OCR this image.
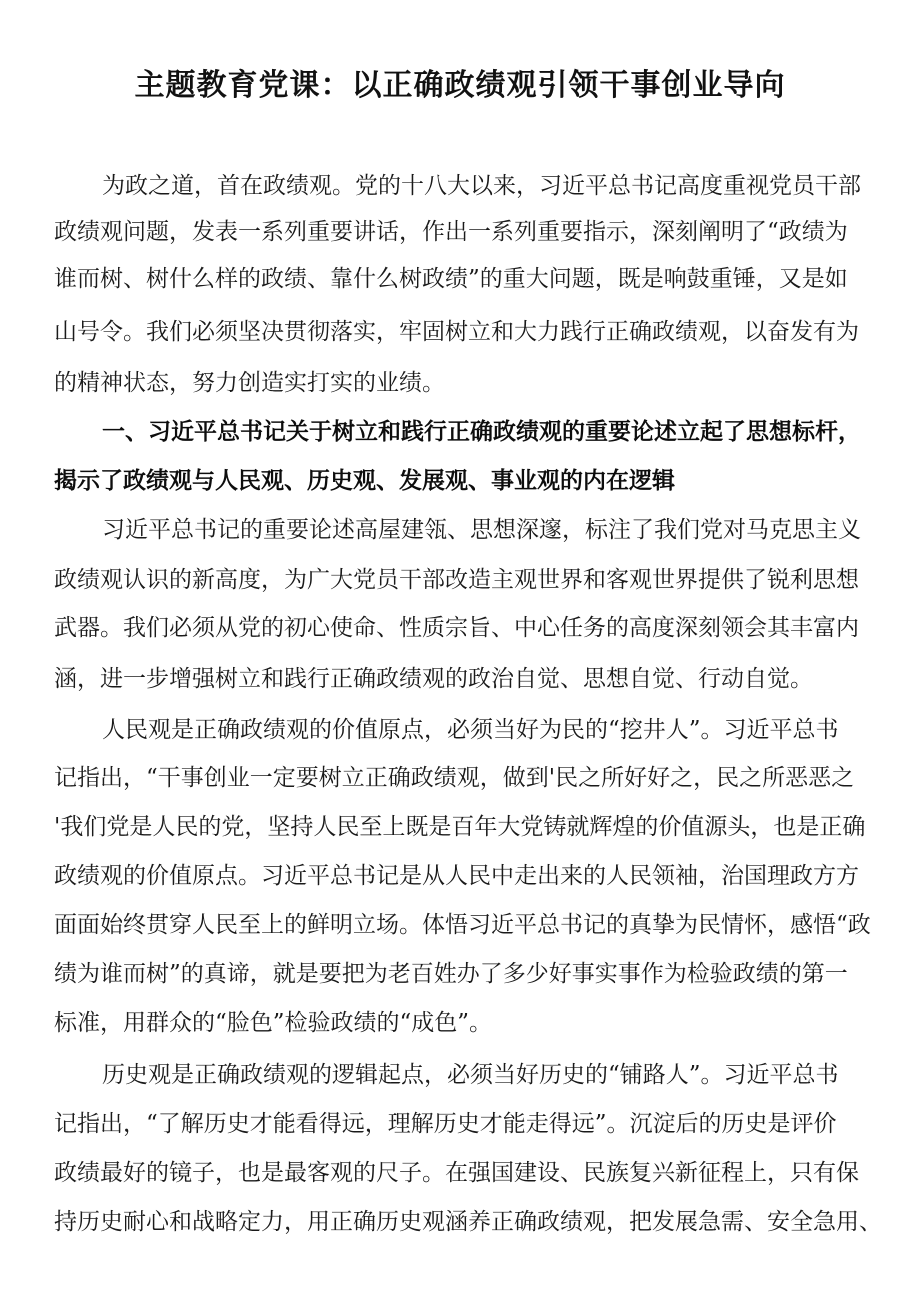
主题教育党课：以正确政绩观引领干事创业导向
为政之道，首在政绩观。党的十八大以来，习近平总书记高度重视党员干部
政绩观问题，发表一系列重要讲话，作出一系列重要指示，深刻阐明了“政绩为
谁而树、树什么样的政绩、靠什么树政绩”的重大问题，既是响鼓重锤，又是如
山号令。我们必须坚决贯彻落实，牢固树立和大力践行正确政绩观，以奋发有为
的精神状态，努力创造实打实的业绩。
一、习近平总书记关于树立和践行正确政绩观的重要论述立起了思想标杆，
揭示了政绩观与人民观、历史观、发展观、事业观的内在逻辑
习近平总书记的重要论述高屋建瓴、思想深邃，标注了我们党对马克思主义
政绩观认识的新高度，为广大党员干部改造主观世界和客观世界提供了锐利思想
武器。我们必须从党的初心使命、性质宗旨、中心任务的高度深刻领会其丰富内
涵，进一步增强树立和践行正确政绩观的政治自觉、思想自觉、行动自觉。
人民观是正确政绩观的价值原点，必须当好为民的“挖井人”。习近平总书
记指出，“干事创业一定要树立正确政绩观，做到'民之所好好之，民之所恶恶之
'我们党是人民的党，坚持人民至上既是百年大党铸就辉煌的价值源头，也是正确
政绩观的价值原点。习近平总书记是从人民中走出来的人民领袖，治国理政方方
面面始终贯穿人民至上的鲜明立场。体悟习近平总书记的真挚为民情怀，感悟“政
绩为谁而树”的真谛，就是要把为老百姓办了多少好事实事作为检验政绩的第一
标准，用群众的“脸色”检验政绩的“成色”。
历史观是正确政绩观的逻辑起点，必须当好历史的“铺路人”。习近平总书
记指出，“了解历史才能看得远，理解历史才能走得远”。沉淀后的历史是评价
政绩最好的镜子，也是最客观的尺子。在强国建设、民族复兴新征程上，只有保
持历史耐心和战略定力，用正确历史观涵养正确政绩观，把发展急需、安全急用、
